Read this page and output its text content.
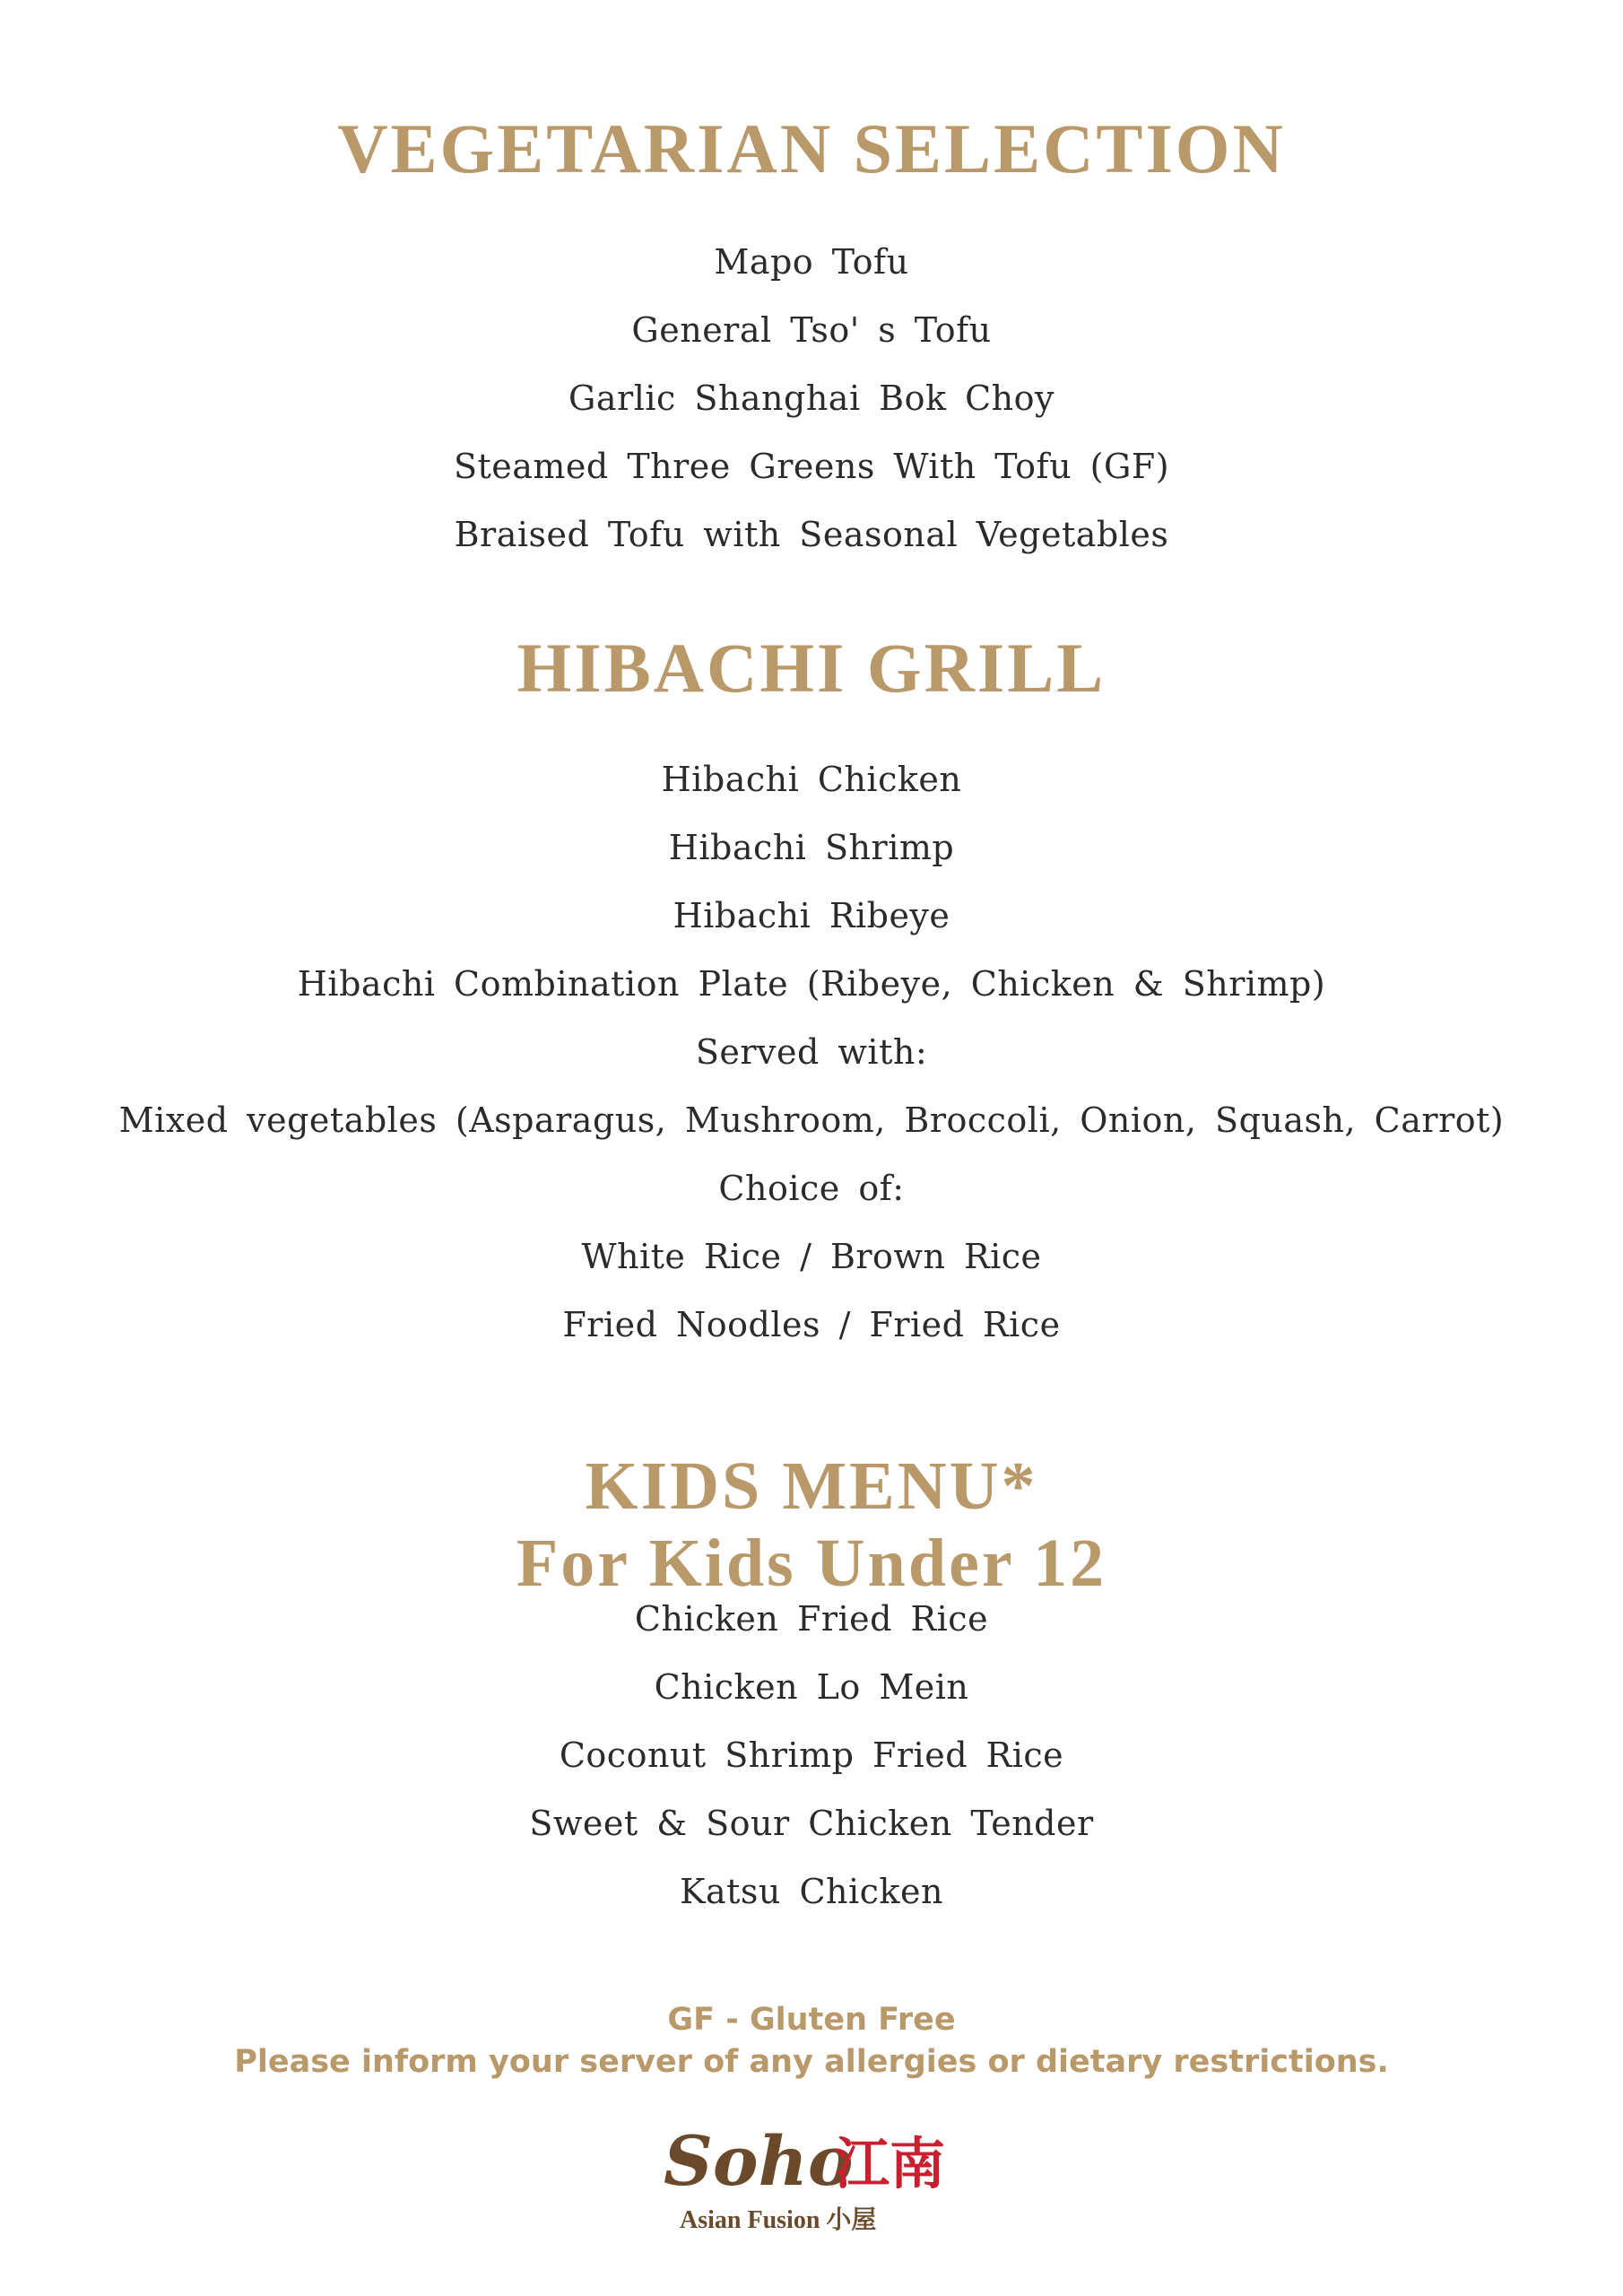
VEGETARIAN SELECTION
Mapo Tofu
General Tso' s Tofu
Garlic Shanghai Bok Choy
Steamed Three Greens With Tofu (GF)
Braised Tofu with Seasonal Vegetables
HIBACHI GRILL
Hibachi Chicken
Hibachi Shrimp
Hibachi Ribeye
Hibachi Combination Plate (Ribeye, Chicken & Shrimp)
Served with:
Mixed vegetables (Asparagus, Mushroom, Broccoli, Onion, Squash, Carrot)
Choice of:
White Rice / Brown Rice
Fried Noodles / Fried Rice
KIDS MENU*
For Kids Under 12
Chicken Fried Rice
Chicken Lo Mein
Coconut Shrimp Fried Rice
Sweet & Sour Chicken Tender
Katsu Chicken
GF - Gluten Free
Please inform your server of any allergies or dietary restrictions.
Soho
江南
Asian Fusion 小屋
